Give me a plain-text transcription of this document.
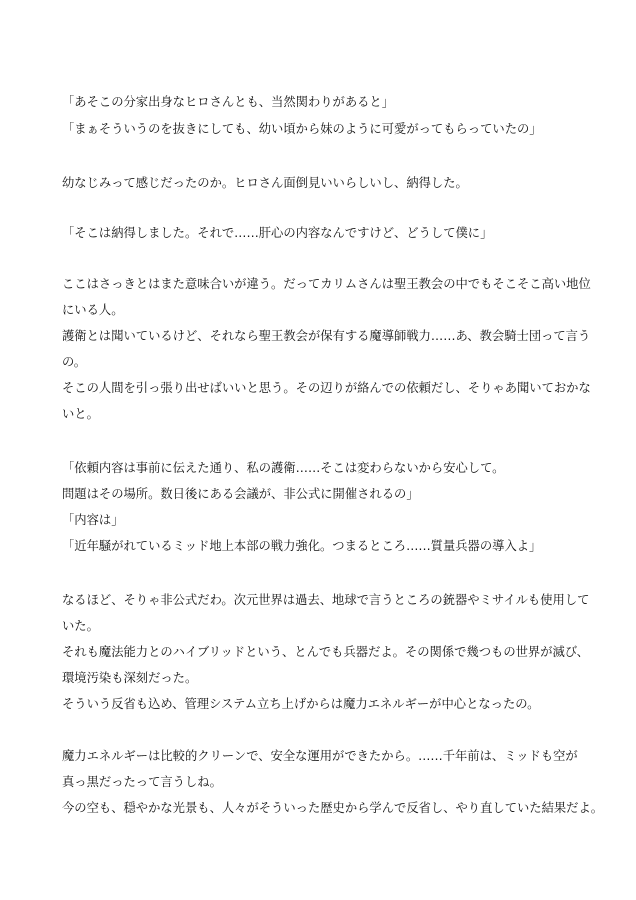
「あそこの分家出身なヒロさんとも、当然関わりがあると」
「まぁそういうのを抜きにしても、幼い頃から妹のように可愛がってもらっていたの」
幼なじみって感じだったのか。ヒロさん面倒見いいらしいし、納得した。
「そこは納得しました。それで……肝心の内容なんですけど、どうして僕に」
ここはさっきとはまた意味合いが違う。だってカリムさんは聖王教会の中でもそこそこ高い地位
にいる人。
護衛とは聞いているけど、それなら聖王教会が保有する魔導師戦力……あ、教会騎士団って言う
の。
そこの人間を引っ張り出せばいいと思う。その辺りが絡んでの依頼だし、そりゃあ聞いておかな
いと。
「依頼内容は事前に伝えた通り、私の護衛……そこは変わらないから安心して。
問題はその場所。数日後にある会議が、非公式に開催されるの」
「内容は」
「近年騒がれているミッド地上本部の戦力強化。つまるところ……質量兵器の導入よ」
なるほど、そりゃ非公式だわ。次元世界は過去、地球で言うところの銃器やミサイルも使用して
いた。
それも魔法能力とのハイブリッドという、とんでも兵器だよ。その関係で幾つもの世界が滅び、
環境汚染も深刻だった。
そういう反省も込め、管理システム立ち上げからは魔力エネルギーが中心となったの。
魔力エネルギーは比較的クリーンで、安全な運用ができたから。……千年前は、ミッドも空が
真っ黒だったって言うしね。
今の空も、穏やかな光景も、人々がそういった歴史から学んで反省し、やり直していた結果だよ。
